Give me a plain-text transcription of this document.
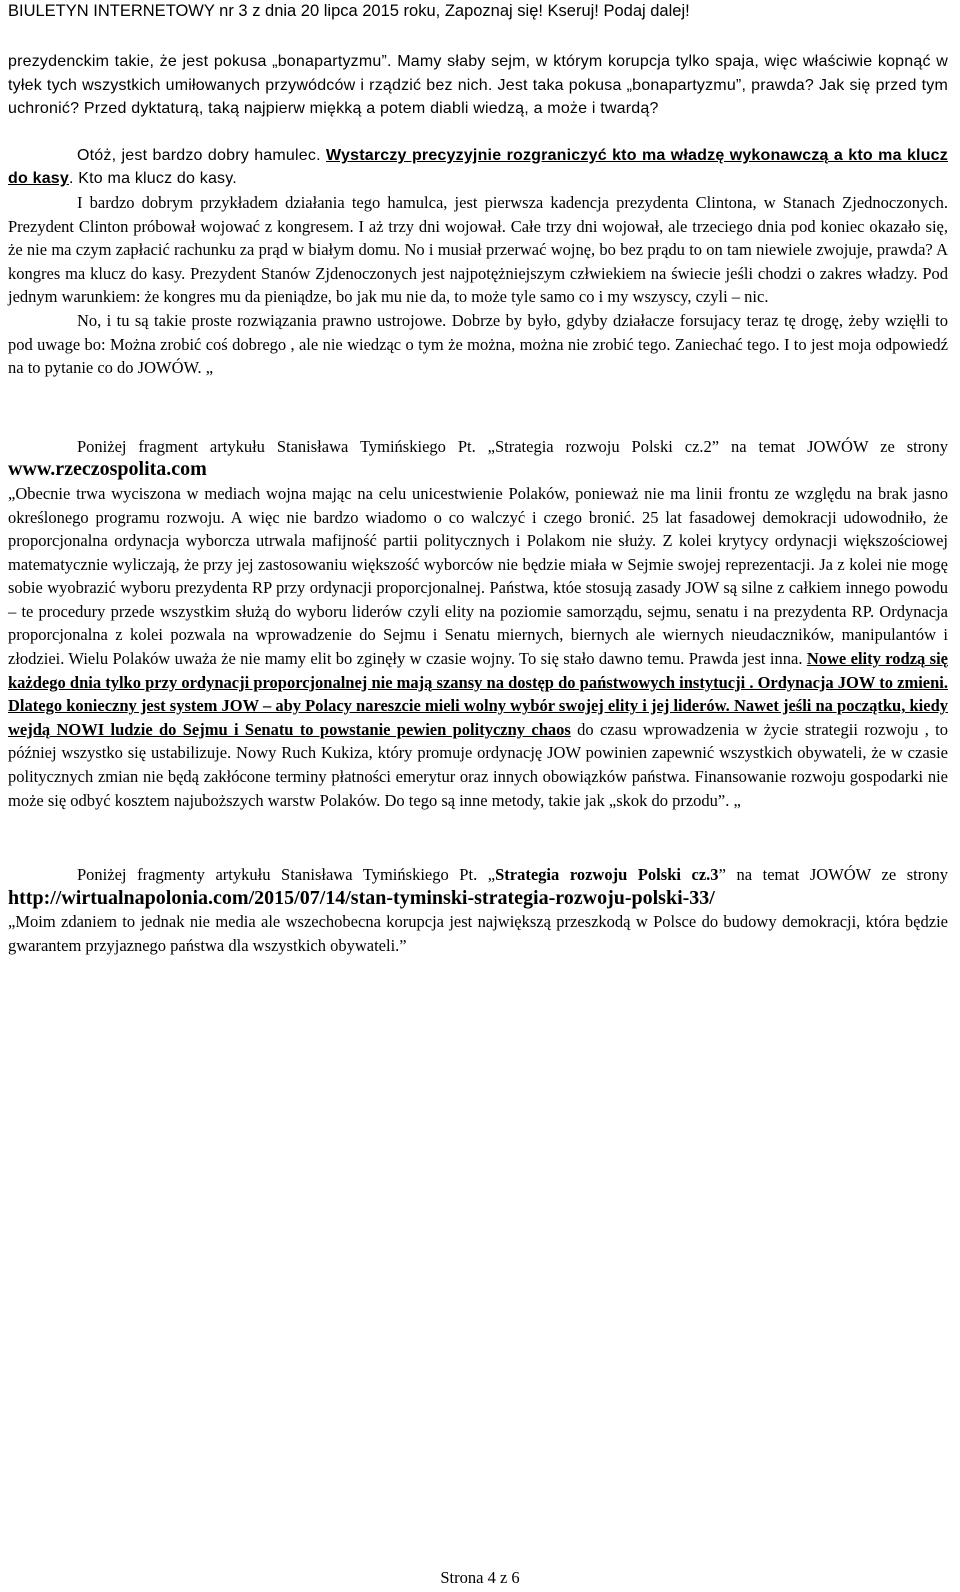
BIULETYN INTERNETOWY nr 3 z dnia 20 lipca 2015 roku, Zapoznaj się! Kseruj! Podaj dalej!

prezydenckim takie, że jest pokusa „bonapartyzmu”. Mamy słaby sejm, w którym korupcja tylko spaja, więc właściwie kopnąć w tyłek tych wszystkich umiłowanych przywódców i rządzić bez nich. Jest taka pokusa „bonapartyzmu”, prawda? Jak się przed tym uchronić? Przed dyktaturą, taką najpierw miękką a potem diabli wiedzą, a może i twardą?

Otóż, jest bardzo dobry hamulec. Wystarczy precyzyjnie rozgraniczyć kto ma władzę wykonawczą a kto ma klucz do kasy. Kto ma klucz do kasy.

I bardzo dobrym przykładem działania tego hamulca, jest pierwsza kadencja prezydenta Clintona, w Stanach Zjednoczonych. Prezydent Clinton próbował wojować z kongresem. I aż trzy dni wojował. Całe trzy dni wojował, ale trzeciego dnia pod koniec okazało się, że nie ma czym zapłacić rachunku za prąd w białym domu. No i musiał przerwać wojnę, bo bez prądu to on tam niewiele zwojuje, prawda? A kongres ma klucz do kasy. Prezydent Stanów Zjdenoczonych jest najpotężniejszym człwiekiem na świecie jeśli chodzi o zakres władzy. Pod jednym warunkiem: że kongres mu da pieniądze, bo jak mu nie da, to może tyle samo co i my wszyscy, czyli – nic.

No, i tu są takie proste rozwiązania prawno ustrojowe. Dobrze by było, gdyby działacze forsujacy teraz tę drogę, żeby wzięłli to pod uwage bo: Można zrobić coś dobrego , ale nie wiedząc o tym że można, można nie zrobić tego. Zaniechać tego. I to jest moja odpowiedź na to pytanie co do JOWÓW. „

Poniżej fragment artykułu Stanisława Tymińskiego Pt. „Strategia rozwoju Polski cz.2” na temat JOWÓW ze strony www.rzeczospolita.com

„Obecnie trwa wyciszona w mediach wojna mając na celu unicestwienie Polaków, ponieważ nie ma linii frontu ze względu na brak jasno określonego programu rozwoju. A więc nie bardzo wiadomo o co walczyć i czego bronić. 25 lat fasadowej demokracji udowodniło, że proporcjonalna ordynacja wyborcza utrwala mafijność partii politycznych i Polakom nie służy. Z kolei krytycy ordynacji większościowej matematycznie wyliczają, że przy jej zastosowaniu większość wyborców nie będzie miała w Sejmie swojej reprezentacji. Ja z kolei nie mogę sobie wyobrazić wyboru prezydenta RP przy ordynacji proporcjonalnej. Państwa, któe stosują zasady JOW są silne z całkiem innego powodu – te procedury przede wszystkim służą do wyboru liderów czyli elity na poziomie samorządu, sejmu, senatu i na prezydenta RP. Ordynacja proporcjonalna z kolei pozwala na wprowadzenie do Sejmu i Senatu miernych, biernych ale wiernych nieudaczników, manipulantów i złodziei. Wielu Polaków uważa że nie mamy elit bo zginęły w czasie wojny. To się stało dawno temu. Prawda jest inna. Nowe elity rodzą się każdego dnia tylko przy ordynacji proporcjonalnej nie mają szansy na dostęp do państwowych instytucji . Ordynacja JOW to zmieni. Dlatego konieczny jest system JOW – aby Polacy nareszcie mieli wolny wybór swojej elity i jej liderów. Nawet jeśli na początku, kiedy wejdą NOWI ludzie do Sejmu i Senatu to powstanie pewien polityczny chaos do czasu wprowadzenia w życie strategii rozwoju , to później wszystko się ustabilizuje. Nowy Ruch Kukiza, który promuje ordynację JOW powinien zapewnić wszystkich obywateli, że w czasie politycznych zmian nie będą zakłócone terminy płatności emerytur oraz innych obowiązków państwa. Finansowanie rozwoju gospodarki nie może się odbyć kosztem najuboższych warstw Polaków. Do tego są inne metody, takie jak „skok do przodu”. „

Poniżej fragmenty artykułu Stanisława Tymińskiego Pt. „Strategia rozwoju Polski cz.3” na temat JOWÓW ze strony http://wirtualnapolonia.com/2015/07/14/stan-tyminski-strategia-rozwoju-polski-33/

„Moim zdaniem to jednak nie media ale wszechobecna korupcja jest największą przeszkodą w Polsce do budowy demokracji, która będzie gwarantem przyjaznego państwa dla wszystkich obywateli.”

Strona 4 z 6
